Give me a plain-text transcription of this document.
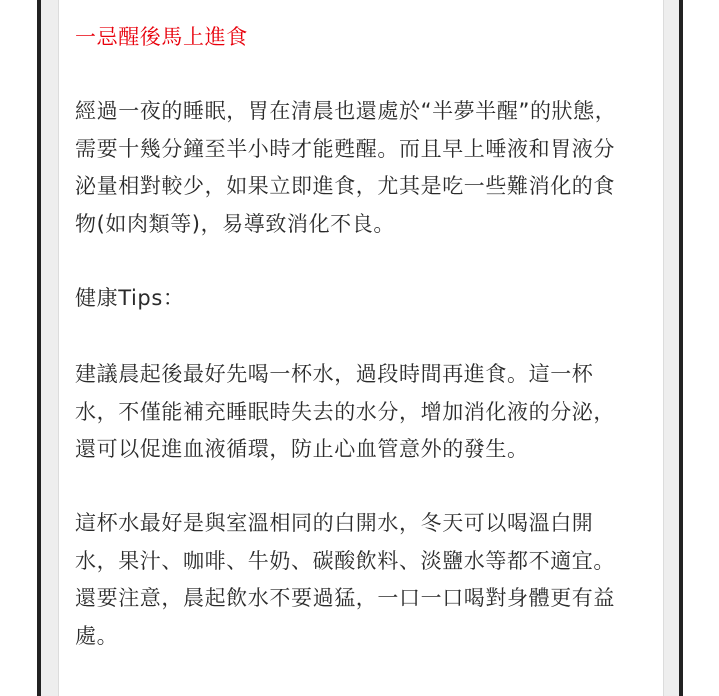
一忌醒後馬上進食

經過一夜的睡眠，胃在清晨也還處於“半夢半醒”的狀態，
需要十幾分鐘至半小時才能甦醒。而且早上唾液和胃液分
泌量相對較少，如果立即進食，尤其是吃一些難消化的食
物(如肉類等)，易導致消化不良。

健康Tips：

建議晨起後最好先喝一杯水，過段時間再進食。這一杯
水，不僅能補充睡眠時失去的水分，增加消化液的分泌，
還可以促進血液循環，防止心血管意外的發生。

這杯水最好是與室溫相同的白開水，冬天可以喝溫白開
水，果汁、咖啡、牛奶、碳酸飲料、淡鹽水等都不適宜。
還要注意，晨起飲水不要過猛，一口一口喝對身體更有益
處。
